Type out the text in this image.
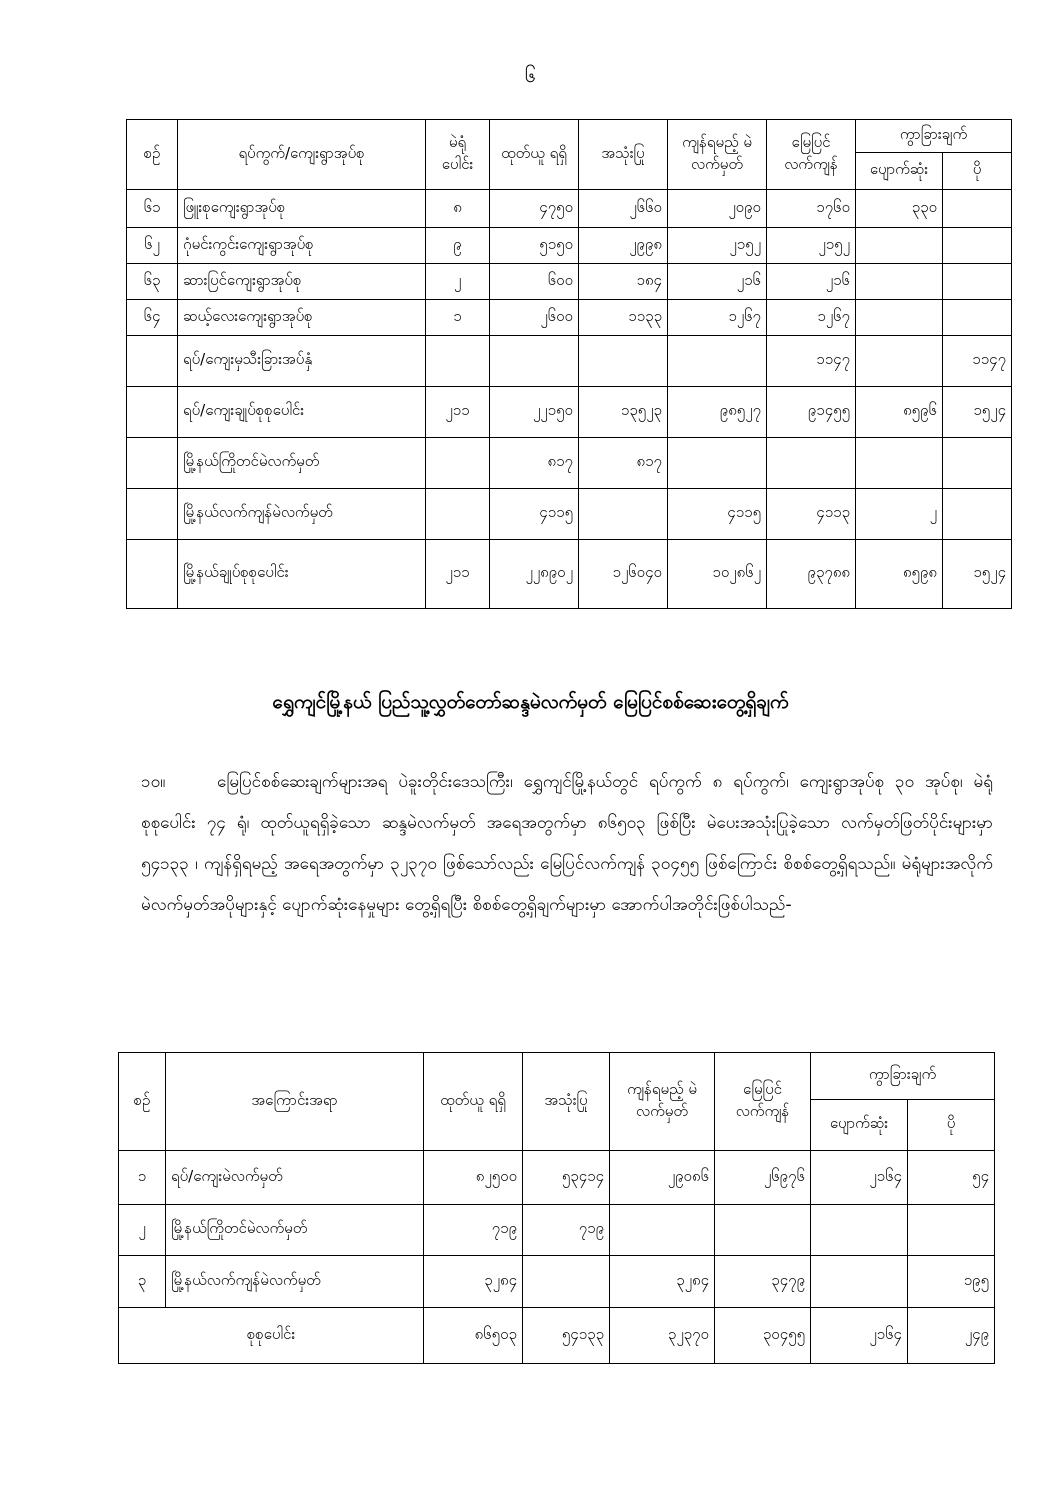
၆
စဉ်	ရပ်ကွက်/ကျေးရွာအုပ်စု	မဲရုံ ပေါင်း	ထုတ်ယူ ရရှိ	အသုံးပြု	ကျန်ရမည့် မဲလက်မှတ်	မြေပြင် လက်ကျန်	ကွာခြားချက်	
							ပျောက်ဆုံး	ပို
၆၁	ဖြူးစုကျေးရွာအုပ်စု	၈	၄၇၅၀	၂၆၆၀	၂၀၉၀	၁၇၆၀	၃၃၀	
၆၂	ဂုံမင်းကွင်းကျေးရွာအုပ်စု	၉	၅၁၅၀	၂၉၉၈	၂၁၅၂	၂၁၅၂		
၆၃	ဆားပြင်ကျေးရွာအုပ်စု	၂	၆၀၀	၁၈၄	၂၁၆	၂၁၆		
၆၄	ဆယ့်လေးကျေးရွာအုပ်စု	၁	၂၆၀၀	၁၁၃၃	၁၂၆၇	၁၂၆၇		
	ရပ်/ကျေးမှသီးခြားအပ်နှံ					၁၁၄၇		၁၁၄၇
	ရပ်/ကျေးချုပ်စုစုပေါင်း	၂၁၁	၂၂၁၅၀	၁၃၅၂၃	၉၈၅၂၇	၉၁၄၅၅	၈၅၉၆	၁၅၂၄
	မြို့နယ်ကြိုတင်မဲလက်မှတ်		၈၁၇	၈၁၇				
	မြို့နယ်လက်ကျန်မဲလက်မှတ်		၄၁၁၅		၄၁၁၅	၄၁၁၃	၂	
	မြို့နယ်ချုပ်စုစုပေါင်း	၂၁၁	၂၂၈၉၀၂	၁၂၆၀၄၀	၁၀၂၈၆၂	၉၃၇၈၈	၈၅၉၈	၁၅၂၄
ရွှေကျင်မြို့နယ် ပြည်သူ့လွှတ်တော်ဆန္ဒမဲလက်မှတ် မြေပြင်စစ်ဆေးတွေ့ရှိချက်
၁၀။	မြေပြင်စစ်ဆေးချက်များအရ ပဲခူးတိုင်းဒေသကြီး၊ ရွှေကျင်မြို့နယ်တွင် ရပ်ကွက် ၈ ရပ်ကွက်၊ ကျေးရွာအုပ်စု ၃၀ အုပ်စု၊ မဲရုံစုစုပေါင်း ၇၄ ရုံ၊ ထုတ်ယူရရှိခဲ့သော ဆန္ဒမဲလက်မှတ် အရေအတွက်မှာ ၈၆၅၀၃ ဖြစ်ပြီး မဲပေးအသုံးပြုခဲ့သော လက်မှတ်ဖြတ်ပိုင်းများမှာ ၅၄၁၃၃ ၊ ကျန်ရှိရမည့် အရေအတွက်မှာ ၃၂၃၇၀ ဖြစ်သော်လည်း မြေပြင်လက်ကျန် ၃၀၄၅၅ ဖြစ်ကြောင်း စိစစ်တွေ့ရှိရသည်။ မဲရုံများအလိုက် မဲလက်မှတ်အပိုများနှင့် ပျောက်ဆုံးနေမှုများ တွေ့ရှိရပြီး စိစစ်တွေ့ရှိချက်များမှာ အောက်ပါအတိုင်းဖြစ်ပါသည်-
စဉ်	အကြောင်းအရာ	ထုတ်ယူ ရရှိ	အသုံးပြု	ကျန်ရမည့် မဲလက်မှတ်	မြေပြင် လက်ကျန်	ကွာခြားချက်	
						ပျောက်ဆုံး	ပို
၁	ရပ်/ကျေးမဲလက်မှတ်	၈၂၅၀၀	၅၃၄၁၄	၂၉၀၈၆	၂၆၉၇၆	၂၁၆၄	၅၄
၂	မြို့နယ်ကြိုတင်မဲလက်မှတ်	၇၁၉	၇၁၉				
၃	မြို့နယ်လက်ကျန်မဲလက်မှတ်	၃၂၈၄		၃၂၈၄	၃၄၇၉		၁၉၅
စုစုပေါင်း		၈၆၅၀၃	၅၄၁၃၃	၃၂၃၇၀	၃၀၄၅၅	၂၁၆၄	၂၄၉
